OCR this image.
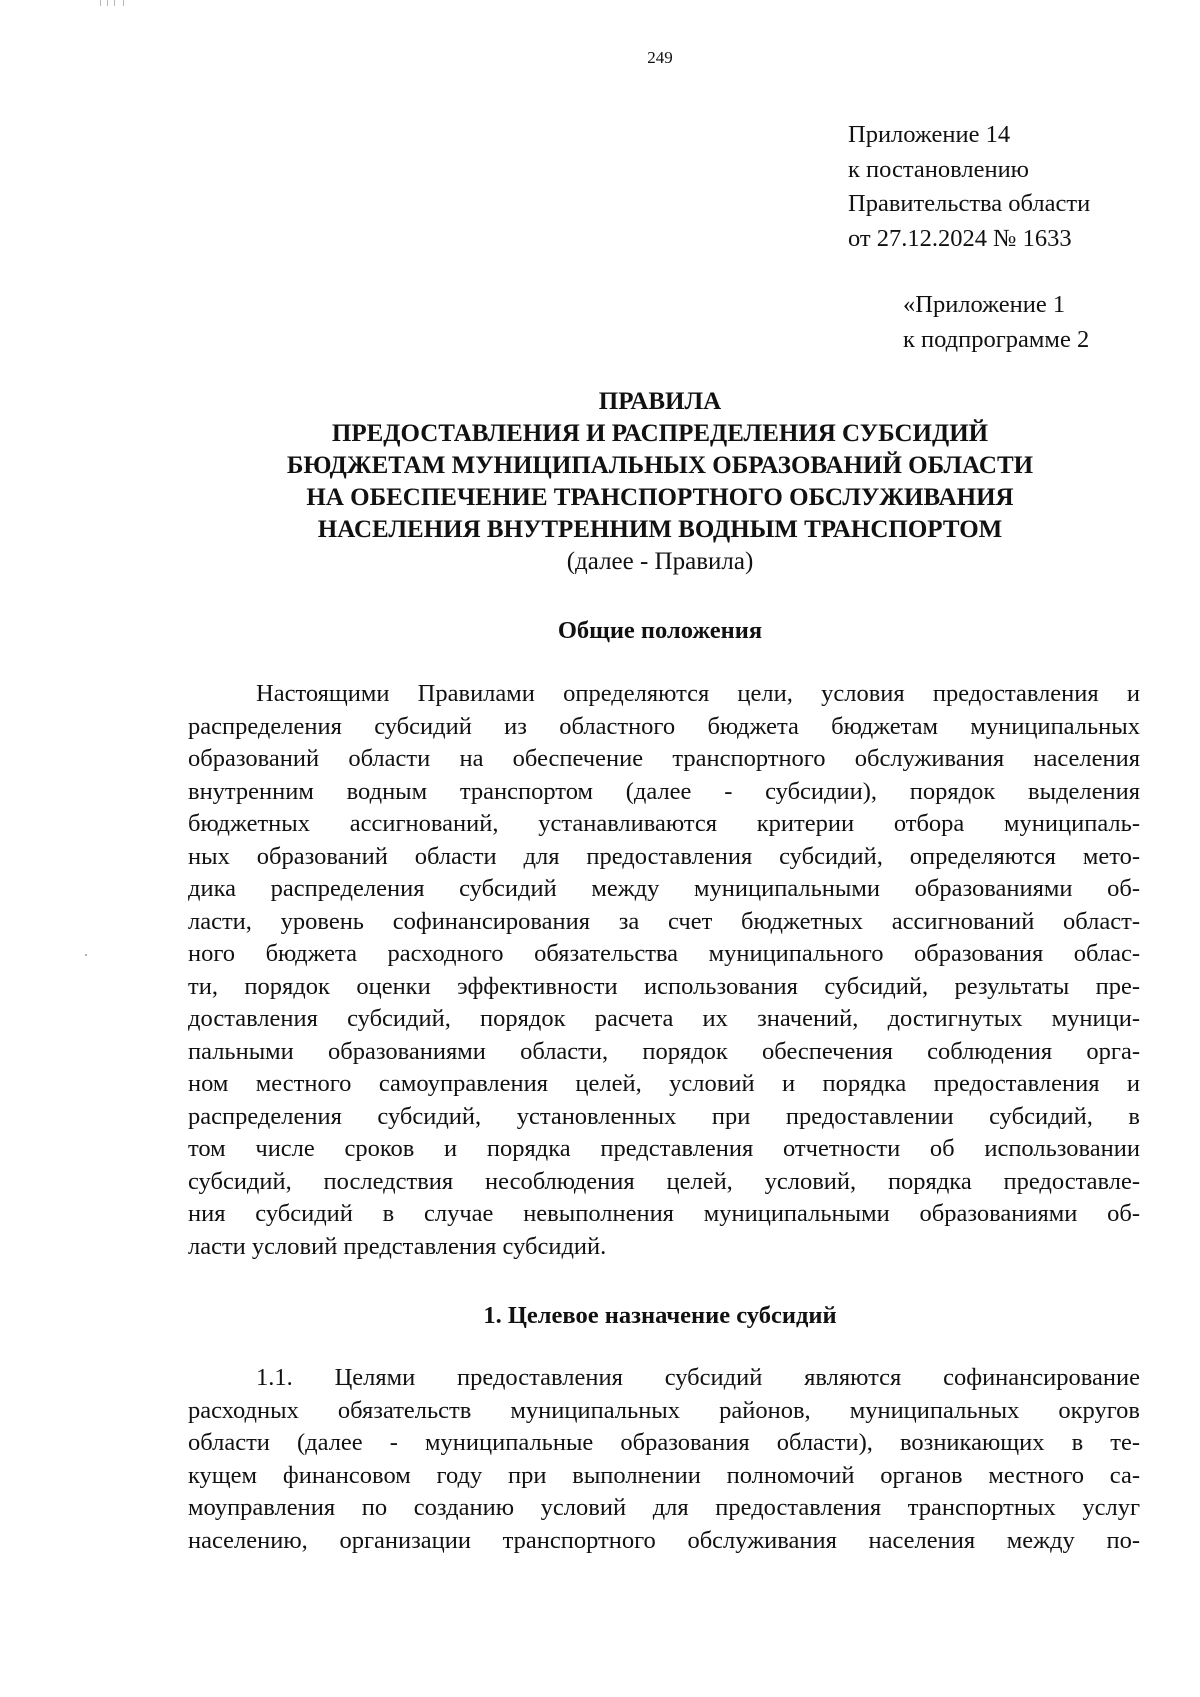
249
Приложение 14
к постановлению
Правительства области
от 27.12.2024 № 1633
«Приложение 1
к подпрограмме 2
ПРАВИЛА
ПРЕДОСТАВЛЕНИЯ И РАСПРЕДЕЛЕНИЯ СУБСИДИЙ
БЮДЖЕТАМ МУНИЦИПАЛЬНЫХ ОБРАЗОВАНИЙ ОБЛАСТИ
НА ОБЕСПЕЧЕНИЕ ТРАНСПОРТНОГО ОБСЛУЖИВАНИЯ
НАСЕЛЕНИЯ ВНУТРЕННИМ ВОДНЫМ ТРАНСПОРТОМ
(далее - Правила)
Общие положения
Настоящими Правилами определяются цели, условия предоставления и
распределения субсидий из областного бюджета бюджетам муниципальных
образований области на обеспечение транспортного обслуживания населения
внутренним водным транспортом (далее - субсидии), порядок выделения
бюджетных ассигнований, устанавливаются критерии отбора муниципаль-
ных образований области для предоставления субсидий, определяются мето-
дика распределения субсидий между муниципальными образованиями об-
ласти, уровень софинансирования за счет бюджетных ассигнований област-
ного бюджета расходного обязательства муниципального образования облас-
ти, порядок оценки эффективности использования субсидий, результаты пре-
доставления субсидий, порядок расчета их значений, достигнутых муници-
пальными образованиями области, порядок обеспечения соблюдения орга-
ном местного самоуправления целей, условий и порядка предоставления и
распределения субсидий, установленных при предоставлении субсидий, в
том числе сроков и порядка представления отчетности об использовании
субсидий, последствия несоблюдения целей, условий, порядка предоставле-
ния субсидий в случае невыполнения муниципальными образованиями об-
ласти условий представления субсидий.
1. Целевое назначение субсидий
1.1. Целями предоставления субсидий являются софинансирование
расходных обязательств муниципальных районов, муниципальных округов
области (далее - муниципальные образования области), возникающих в те-
кущем финансовом году при выполнении полномочий органов местного са-
моуправления по созданию условий для предоставления транспортных услуг
населению, организации транспортного обслуживания населения между по-
